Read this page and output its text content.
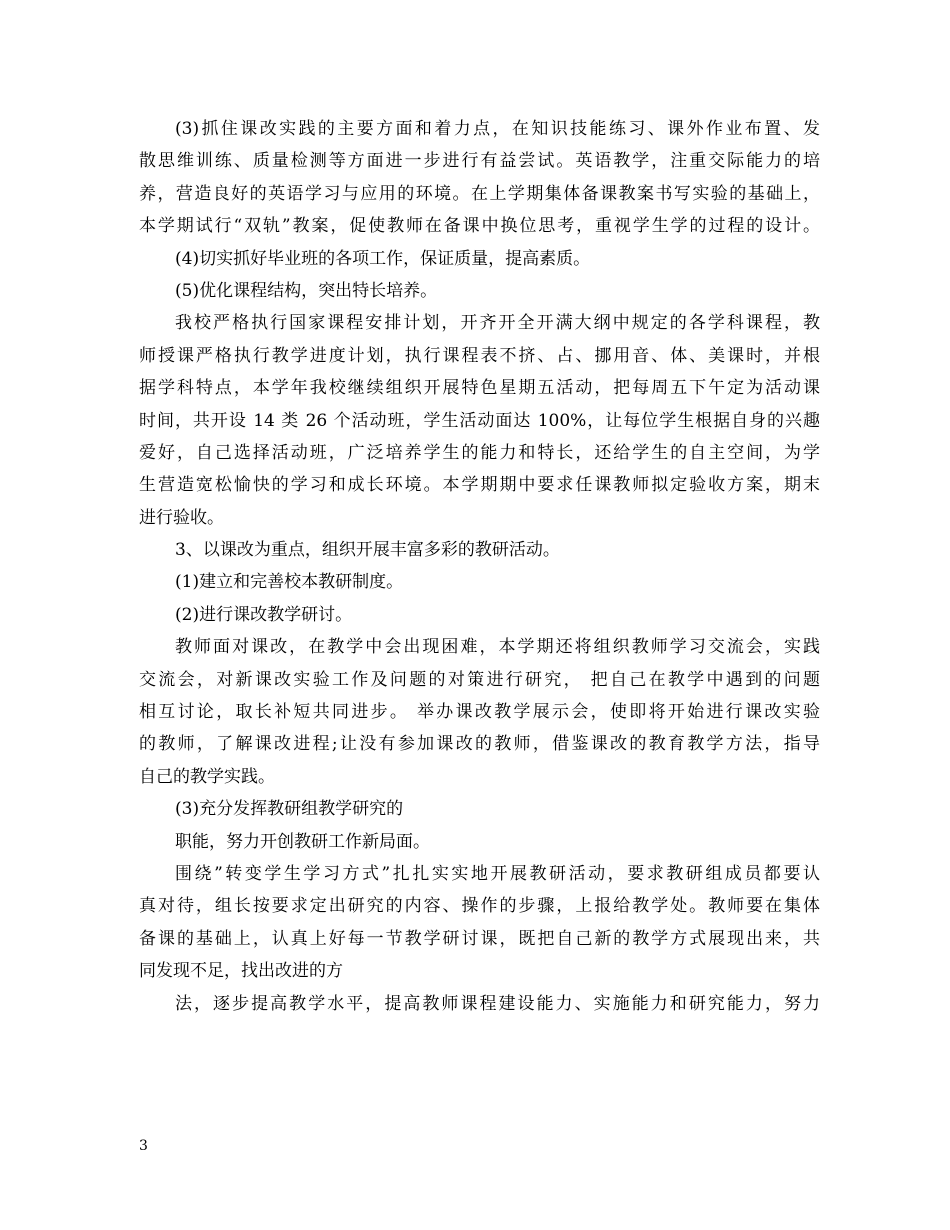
(3)抓住课改实践的主要方面和着力点，在知识技能练习、课外作业布置、发
散思维训练、质量检测等方面进一步进行有益尝试。英语教学，注重交际能力的培
养，营造良好的英语学习与应用的环境。在上学期集体备课教案书写实验的基础上，
本学期试行“双轨”教案，促使教师在备课中换位思考，重视学生学的过程的设计。
(4)切实抓好毕业班的各项工作，保证质量，提高素质。
(5)优化课程结构，突出特长培养。
我校严格执行国家课程安排计划，开齐开全开满大纲中规定的各学科课程，教
师授课严格执行教学进度计划，执行课程表不挤、占、挪用音、体、美课时，并根
据学科特点，本学年我校继续组织开展特色星期五活动，把每周五下午定为活动课
时间，共开设 14 类 26 个活动班，学生活动面达 100%，让每位学生根据自身的兴趣
爱好，自己选择活动班，广泛培养学生的能力和特长，还给学生的自主空间，为学
生营造宽松愉快的学习和成长环境。本学期期中要求任课教师拟定验收方案，期末
进行验收。
3、以课改为重点，组织开展丰富多彩的教研活动。
(1)建立和完善校本教研制度。
(2)进行课改教学研讨。
教师面对课改，在教学中会出现困难，本学期还将组织教师学习交流会，实践
交流会，对新课改实验工作及问题的对策进行研究， 把自己在教学中遇到的问题
相互讨论，取长补短共同进步。 举办课改教学展示会，使即将开始进行课改实验
的教师，了解课改进程;让没有参加课改的教师，借鉴课改的教育教学方法，指导
自己的教学实践。
(3)充分发挥教研组教学研究的
职能，努力开创教研工作新局面。
围绕”转变学生学习方式”扎扎实实地开展教研活动，要求教研组成员都要认
真对待，组长按要求定出研究的内容、操作的步骤，上报给教学处。教师要在集体
备课的基础上，认真上好每一节教学研讨课，既把自己新的教学方式展现出来，共
同发现不足，找出改进的方
法，逐步提高教学水平，提高教师课程建设能力、实施能力和研究能力，努力
3
